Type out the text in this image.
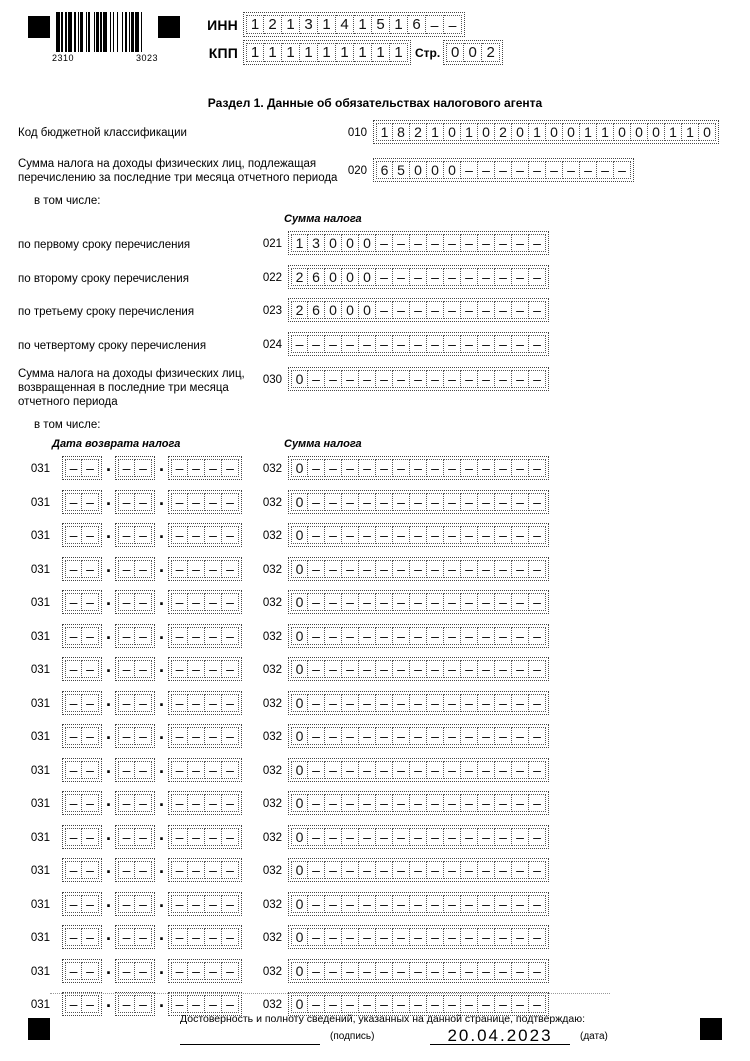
2310	3023
ИНН 1 2 1 3 1 4 1 5 1 6 – –
КПП 1 1 1 1 1 1 1 1 1	Стр. 0 0 2
Раздел 1. Данные об обязательствах налогового агента
Код бюджетной классификации	010 1 8 2 1 0 1 0 2 0 1 0 0 1 1 0 0 0 1 1 0
Сумма налога на доходы физических лиц, подлежащая перечислению за последние три месяца отчетного периода
020 6 5 0 0 0 – – – – – – – – – –
в том числе:
Сумма налога
по первому сроку перечисления	021 1 3 0 0 0 – – – – – – – – – –
по второму сроку перечисления	022 2 6 0 0 0 – – – – – – – – – –
по третьему сроку перечисления	023 2 6 0 0 0 – – – – – – – – – –
по четвертому сроку перечисления	024 – – – – – – – – – – – – – – –
Сумма налога на доходы физических лиц, возвращенная в последние три месяца отчетного периода
030 0 – – – – – – – – – – – – – –
в том числе:
Дата возврата налога	Сумма налога
031	– – . – – . – – – –	032 0 – – – – – – – – – – – – – –
031	– – . – – . – – – –	032 0 – – – – – – – – – – – – – –
031	– – . – – . – – – –	032 0 – – – – – – – – – – – – – –
031	– – . – – . – – – –	032 0 – – – – – – – – – – – – – –
031	– – . – – . – – – –	032 0 – – – – – – – – – – – – – –
031	– – . – – . – – – –	032 0 – – – – – – – – – – – – – –
031	– – . – – . – – – –	032 0 – – – – – – – – – – – – – –
031	– – . – – . – – – –	032 0 – – – – – – – – – – – – – –
031	– – . – – . – – – –	032 0 – – – – – – – – – – – – – –
031	– – . – – . – – – –	032 0 – – – – – – – – – – – – – –
031	– – . – – . – – – –	032 0 – – – – – – – – – – – – – –
031	– – . – – . – – – –	032 0 – – – – – – – – – – – – – –
031	– – . – – . – – – –	032 0 – – – – – – – – – – – – – –
031	– – . – – . – – – –	032 0 – – – – – – – – – – – – – –
031	– – . – – . – – – –	032 0 – – – – – – – – – – – – – –
031	– – . – – . – – – –	032 0 – – – – – – – – – – – – – –
031	– – . – – . – – – –	032 0 – – – – – – – – – – – – – –
Достоверность и полноту сведений, указанных на данной странице, подтверждаю:
(подпись)	20.04.2023	(дата)
